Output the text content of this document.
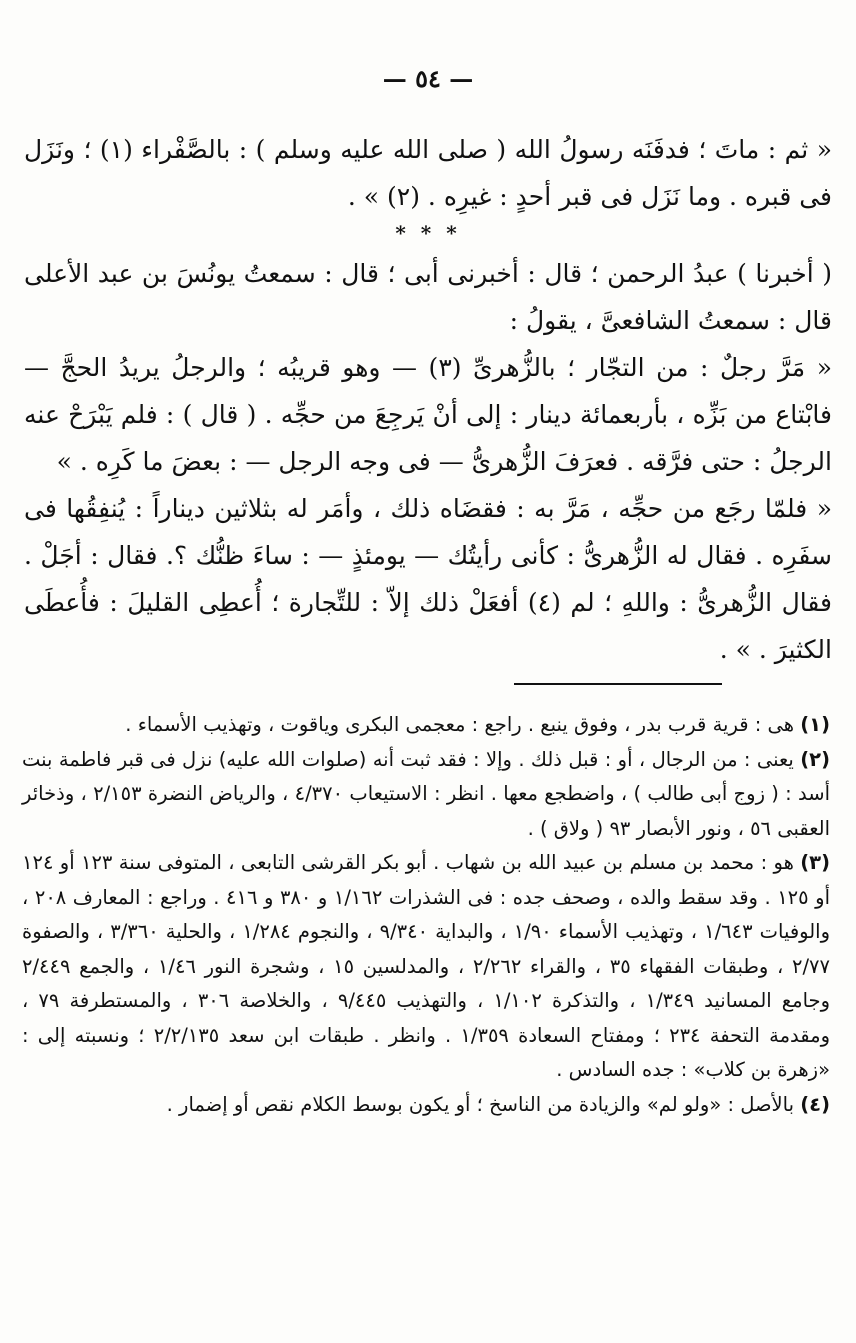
— ٥٤ —

« ثم : ماتَ ؛ فدفَنَه رسولُ الله ( صلى الله عليه وسلم ) : بالصَّفْراء (١) ؛ ونَزَل فى قبره . وما نَزَل فى قبر أحدٍ : غيرِه . (٢) » .

* * *

( أخبرنا ) عبدُ الرحمن ؛ قال : أخبرنى أبى ؛ قال : سمعتُ يونُسَ بن عبد الأعلى قال : سمعتُ الشافعىَّ ، يقولُ :

« مَرَّ رجلٌ : من التجّار ؛ بالزُّهرىِّ (٣) — وهو قريبُه ؛ والرجلُ يريدُ الحجَّ — فابْتاع من بَزِّه ، بأربعمائة دينار : إلى أنْ يَرجِعَ من حجِّه . ( قال ) : فلم يَبْرَحْ عنه الرجلُ : حتى فرَّقه . فعرَفَ الزُّهرىُّ — فى وجه الرجل — : بعضَ ما كَرِه . »

« فلمّا رجَع من حجِّه ، مَرَّ به : فقضَاه ذلك ، وأمَر له بثلاثين ديناراً : يُنفِقُها فى سفَرِه . فقال له الزُّهرىُّ : كأنى رأيتُك — يومئذٍ — : ساءَ ظنُّك ؟. فقال : أجَلْ . فقال الزُّهرىُّ : واللهِ ؛ لم (٤) أفعَلْ ذلك إلاّ : للتِّجارة ؛ أُعطِى القليلَ : فأُعطَى الكثيرَ . » .

(١) هى : قرية قرب بدر ، وفوق ينبع . راجع : معجمى البكرى وياقوت ، وتهذيب الأسماء .

(٢) يعنى : من الرجال ، أو : قبل ذلك . وإلا : فقد ثبت أنه (صلوات الله عليه) نزل فى قبر فاطمة بنت أسد : ( زوج أبى طالب ) ، واضطجع معها . انظر : الاستيعاب ٤/٣٧٠ ، والرياض النضرة ٢/١٥٣ ، وذخائر العقبى ٥٦ ، ونور الأبصار ٩٣ ( ولاق ) .

(٣) هو : محمد بن مسلم بن عبيد الله بن شهاب . أبو بكر القرشى التابعى ، المتوفى سنة ١٢٣ أو ١٢٤ أو ١٢٥ . وقد سقط والده ، وصحف جده : فى الشذرات ١/١٦٢ و ٣٨٠ و ٤١٦ . وراجع : المعارف ٢٠٨ ، والوفيات ١/٦٤٣ ، وتهذيب الأسماء ١/٩٠ ، والبداية ٩/٣٤٠ ، والنجوم ١/٢٨٤ ، والحلية ٣/٣٦٠ ، والصفوة ٢/٧٧ ، وطبقات الفقهاء ٣٥ ، والقراء ٢/٢٦٢ ، والمدلسين ١٥ ، وشجرة النور ١/٤٦ ، والجمع ٢/٤٤٩ وجامع المسانيد ١/٣٤٩ ، والتذكرة ١/١٠٢ ، والتهذيب ٩/٤٤٥ ، والخلاصة ٣٠٦ ، والمستطرفة ٧٩ ، ومقدمة التحفة ٢٣٤ ؛ ومفتاح السعادة ١/٣٥٩ . وانظر . طبقات ابن سعد ٢/٢/١٣٥ ؛ ونسبته إلى : «زهرة بن كلاب» : جده السادس .

(٤) بالأصل : «ولو لم» والزيادة من الناسخ ؛ أو يكون بوسط الكلام نقص أو إضمار .
